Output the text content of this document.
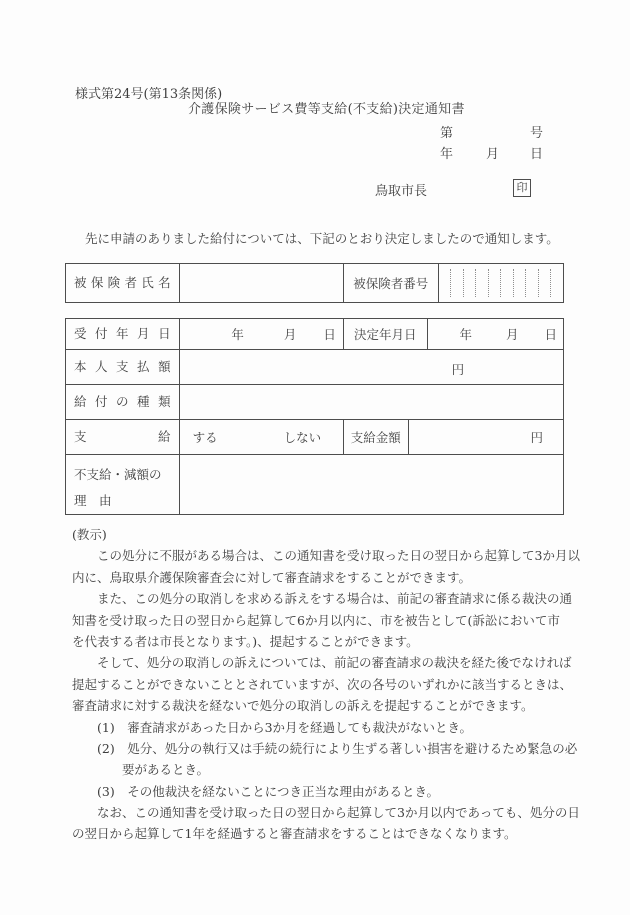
様式第24号(第13条関係)
介護保険サービス費等支給(不支給)決定通知書
第	号
年	月 日
鳥取市長	印
先に申請のありました給付については、下記のとおり決定しましたので通知します。
被保険者氏名	被保険者番号
受付年月日	年	月 日	決定年月日	年	月 日
本人支払額	円
給付の種類
支給	する	しない	支給金額	円
不支給・減額の
理　由
(教示)
この処分に不服がある場合は、この通知書を受け取った日の翌日から起算して3か月以
内に、鳥取県介護保険審査会に対して審査請求をすることができます。
また、この処分の取消しを求める訴えをする場合は、前記の審査請求に係る裁決の通
知書を受け取った日の翌日から起算して6か月以内に、市を被告として(訴訟において市
を代表する者は市長となります。)、提起することができます。
そして、処分の取消しの訴えについては、前記の審査請求の裁決を経た後でなければ
提起することができないこととされていますが、次の各号のいずれかに該当するときは、
審査請求に対する裁決を経ないで処分の取消しの訴えを提起することができます。
(1)　審査請求があった日から3か月を経過しても裁決がないとき。
(2)　処分、処分の執行又は手続の続行により生ずる著しい損害を避けるため緊急の必
要があるとき。
(3)　その他裁決を経ないことにつき正当な理由があるとき。
なお、この通知書を受け取った日の翌日から起算して3か月以内であっても、処分の日
の翌日から起算して1年を経過すると審査請求をすることはできなくなります。
